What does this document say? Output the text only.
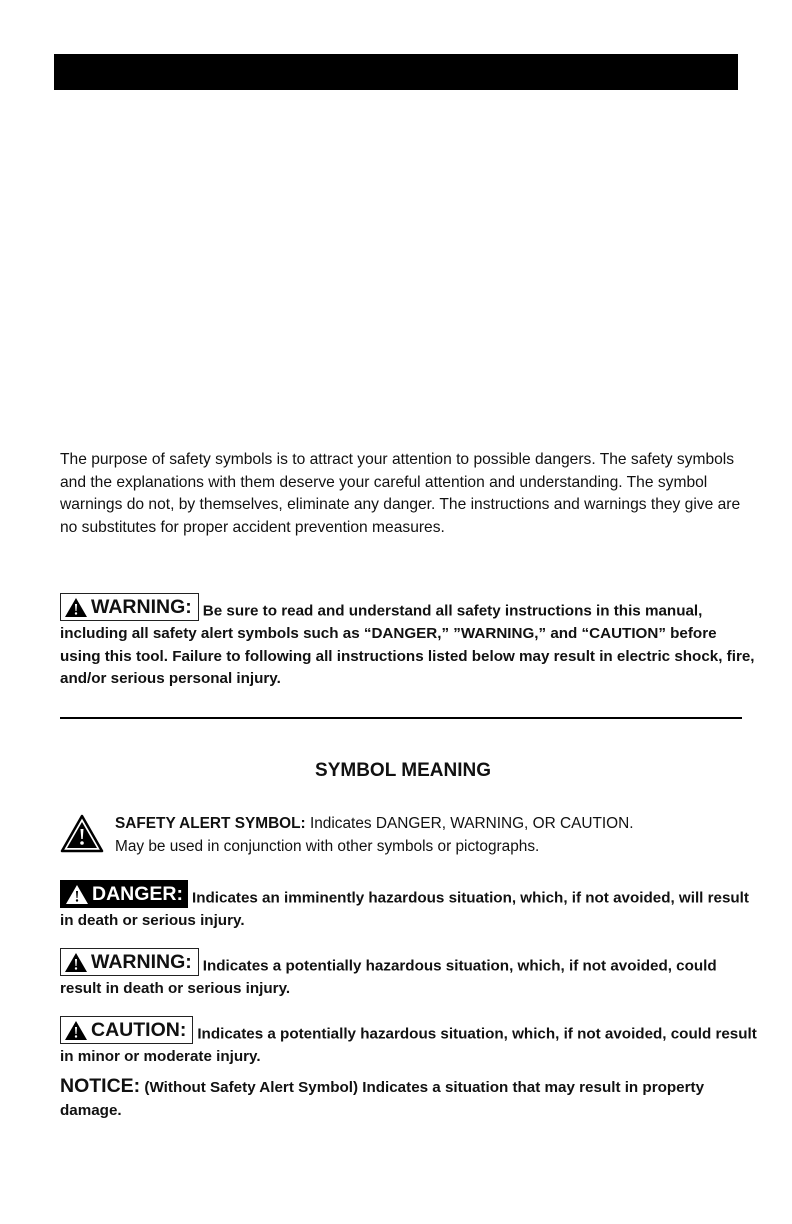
The purpose of safety symbols is to attract your attention to possible dangers. The safety symbols and the explanations with them deserve your careful attention and understanding. The symbol warnings do not, by themselves, eliminate any danger. The instructions and warnings they give are no substitutes for proper accident prevention measures.

WARNING: Be sure to read and understand all safety instructions in this manual, including all safety alert symbols such as “DANGER,” ”WARNING,” and “CAUTION” before using this tool. Failure to following all instructions listed below may result in electric shock, fire, and/or serious personal injury.

SYMBOL MEANING

SAFETY ALERT SYMBOL: Indicates DANGER, WARNING, OR CAUTION.
May be used in conjunction with other symbols or pictographs.

DANGER: Indicates an imminently hazardous situation, which, if not avoided, will result in death or serious injury.

WARNING: Indicates a potentially hazardous situation, which, if not avoided, could result in death or serious injury.

CAUTION: Indicates a potentially hazardous situation, which, if not avoided, could result in minor or moderate injury.

NOTICE: (Without Safety Alert Symbol) Indicates a situation that may result in property damage.
